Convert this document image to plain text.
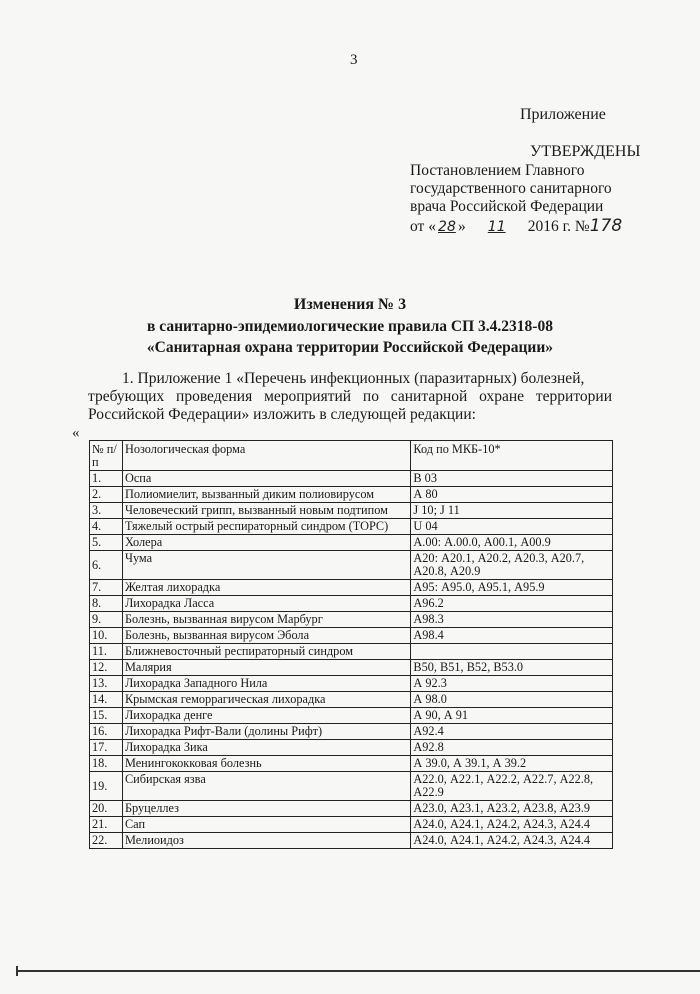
3
Приложение
УТВЕРЖДЕНЫ
Постановлением Главного
государственного санитарного
врача Российской Федерации
от « 28 » 11 2016 г. №178
Изменения № 3
в санитарно-эпидемиологические правила СП 3.4.2318-08
«Санитарная охрана территории Российской Федерации»
1. Приложение 1 «Перечень инфекционных (паразитарных) болезней,
требующих проведения мероприятий по санитарной охране территории Российской Федерации» изложить в следующей редакции:
«
№ п/п	Нозологическая форма	Код по МКБ-10*
1.	Оспа	В 03
2.	Полиомиелит, вызванный диким полиовирусом	А 80
3.	Человеческий грипп, вызванный новым подтипом	J 10; J 11
4.	Тяжелый острый респираторный синдром (ТОРС)	U 04
5.	Холера	А.00: А.00.0, А00.1, А00.9
6.	Чума	А20: А20.1, А20.2, А20.3, А20.7, А20.8, А20.9
7.	Желтая лихорадка	А95: А95.0, А95.1, А95.9
8.	Лихорадка Ласса	А96.2
9.	Болезнь, вызванная вирусом Марбург	А98.3
10.	Болезнь, вызванная вирусом Эбола	А98.4
11.	Ближневосточный респираторный синдром	
12.	Малярия	В50, В51, В52, В53.0
13.	Лихорадка Западного Нила	А 92.3
14.	Крымская геморрагическая лихорадка	А 98.0
15.	Лихорадка денге	А 90, А 91
16.	Лихорадка Рифт-Вали (долины Рифт)	А92.4
17.	Лихорадка Зика	А92.8
18.	Менингококковая болезнь	А 39.0, А 39.1, А 39.2
19.	Сибирская язва	А22.0, А22.1, А22.2, А22.7, А22.8, А22.9
20.	Бруцеллез	А23.0, А23.1, А23.2, А23.8, А23.9
21.	Сап	А24.0, А24.1, А24.2, А24.3, А24.4
22.	Мелиоидоз	А24.0, А24.1, А24.2, А24.3, А24.4
